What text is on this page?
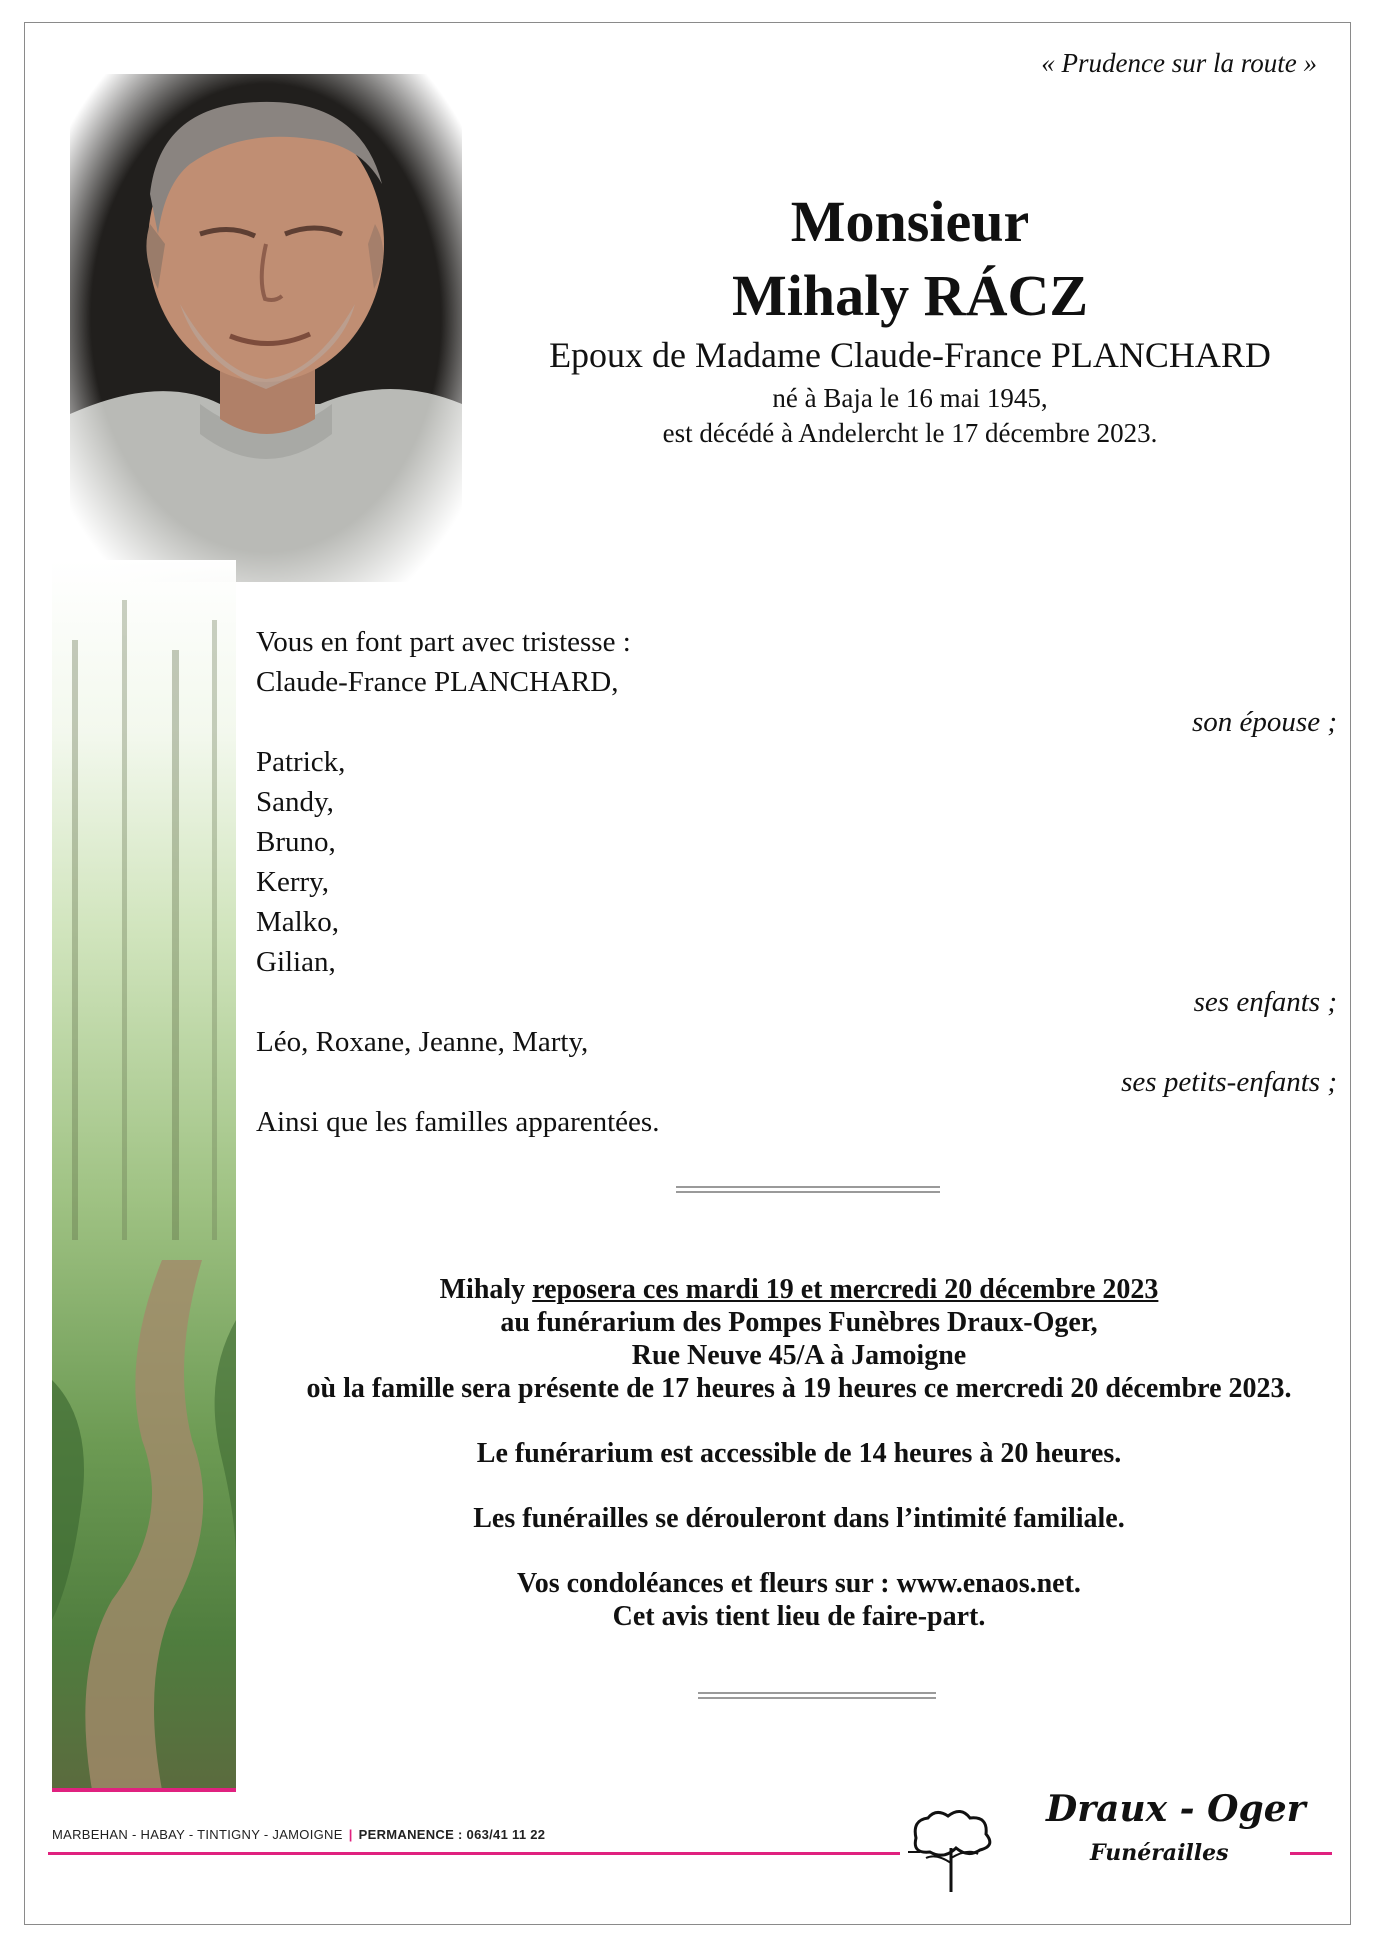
« Prudence sur la route »
Monsieur
Mihaly RÁCZ
Epoux de Madame Claude-France PLANCHARD
né à Baja le 16 mai 1945,
est décédé à Andelercht le 17 décembre 2023.
Vous en font part avec tristesse :
Claude-France PLANCHARD,
son épouse ;
Patrick,
Sandy,
Bruno,
Kerry,
Malko,
Gilian,
ses enfants ;
Léo, Roxane, Jeanne, Marty,
ses petits-enfants ;
Ainsi que les familles apparentées.
Mihaly reposera ces mardi 19 et mercredi 20 décembre 2023
au funérarium des Pompes Funèbres Draux-Oger,
Rue Neuve 45/A à Jamoigne
où la famille sera présente de 17 heures à 19 heures ce mercredi 20 décembre 2023.
Le funérarium est accessible de 14 heures à 20 heures.
Les funérailles se dérouleront dans l’intimité familiale.
Vos condoléances et fleurs sur : www.enaos.net.
Cet avis tient lieu de faire-part.
MARBEHAN - HABAY - TINTIGNY - JAMOIGNE | PERMANENCE : 063/41 11 22
Draux - Oger
Funérailles
